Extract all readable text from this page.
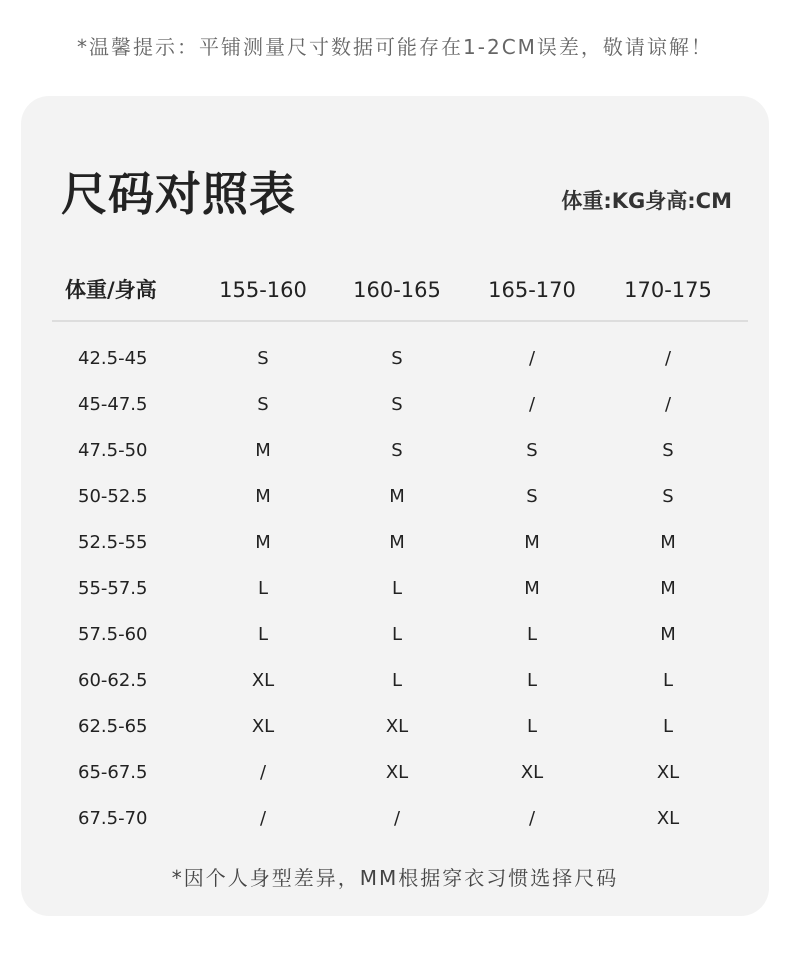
*温馨提示：平铺测量尺寸数据可能存在1-2CM误差，敬请谅解！
尺码对照表	体重:KG身高:CM
体重/身高	155-160	160-165	165-170	170-175
42.5-45	S	S	/	/
45-47.5	S	S	/	/
47.5-50	M	S	S	S
50-52.5	M	M	S	S
52.5-55	M	M	M	M
55-57.5	L	L	M	M
57.5-60	L	L	L	M
60-62.5	XL	L	L	L
62.5-65	XL	XL	L	L
65-67.5	/	XL	XL	XL
67.5-70	/	/	/	XL
*因个人身型差异，MM根据穿衣习惯选择尺码
